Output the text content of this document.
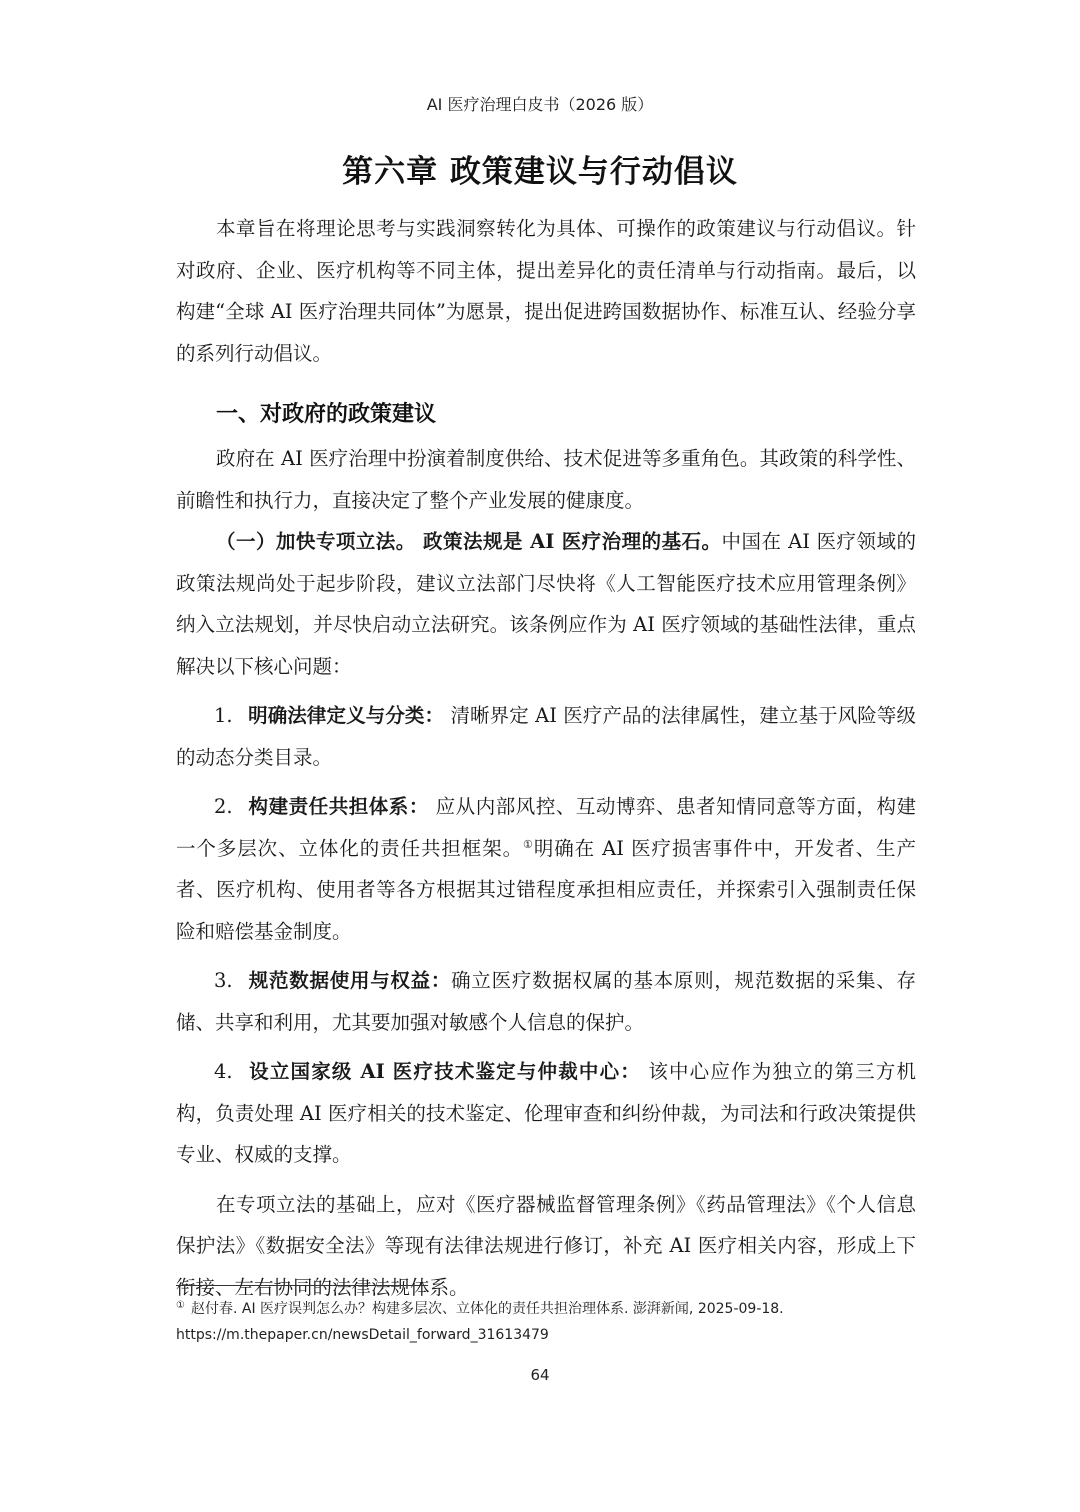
AI 医疗治理白皮书（2026 版）
第六章 政策建议与行动倡议

本章旨在将理论思考与实践洞察转化为具体、可操作的政策建议与行动倡议。针对政府、企业、医疗机构等不同主体，提出差异化的责任清单与行动指南。最后，以构建“全球 AI 医疗治理共同体”为愿景，提出促进跨国数据协作、标准互认、经验分享的系列行动倡议。

一、对政府的政策建议

政府在 AI 医疗治理中扮演着制度供给、技术促进等多重角色。其政策的科学性、前瞻性和执行力，直接决定了整个产业发展的健康度。

（一）加快专项立法。 政策法规是 AI 医疗治理的基石。中国在 AI 医疗领域的政策法规尚处于起步阶段，建议立法部门尽快将《人工智能医疗技术应用管理条例》纳入立法规划，并尽快启动立法研究。该条例应作为 AI 医疗领域的基础性法律，重点解决以下核心问题：

1. 明确法律定义与分类： 清晰界定 AI 医疗产品的法律属性，建立基于风险等级的动态分类目录。

2. 构建责任共担体系： 应从内部风控、互动博弈、患者知情同意等方面，构建一个多层次、立体化的责任共担框架。①明确在 AI 医疗损害事件中，开发者、生产者、医疗机构、使用者等各方根据其过错程度承担相应责任，并探索引入强制责任保险和赔偿基金制度。

3. 规范数据使用与权益：确立医疗数据权属的基本原则，规范数据的采集、存储、共享和利用，尤其要加强对敏感个人信息的保护。

4. 设立国家级 AI 医疗技术鉴定与仲裁中心： 该中心应作为独立的第三方机构，负责处理 AI 医疗相关的技术鉴定、伦理审查和纠纷仲裁，为司法和行政决策提供专业、权威的支撑。

在专项立法的基础上，应对《医疗器械监督管理条例》《药品管理法》《个人信息保护法》《数据安全法》等现有法律法规进行修订，补充 AI 医疗相关内容，形成上下衔接、左右协同的法律法规体系。

① 赵付春. AI 医疗误判怎么办？构建多层次、立体化的责任共担治理体系. 澎湃新闻, 2025-09-18.
https://m.thepaper.cn/newsDetail_forward_31613479
64
